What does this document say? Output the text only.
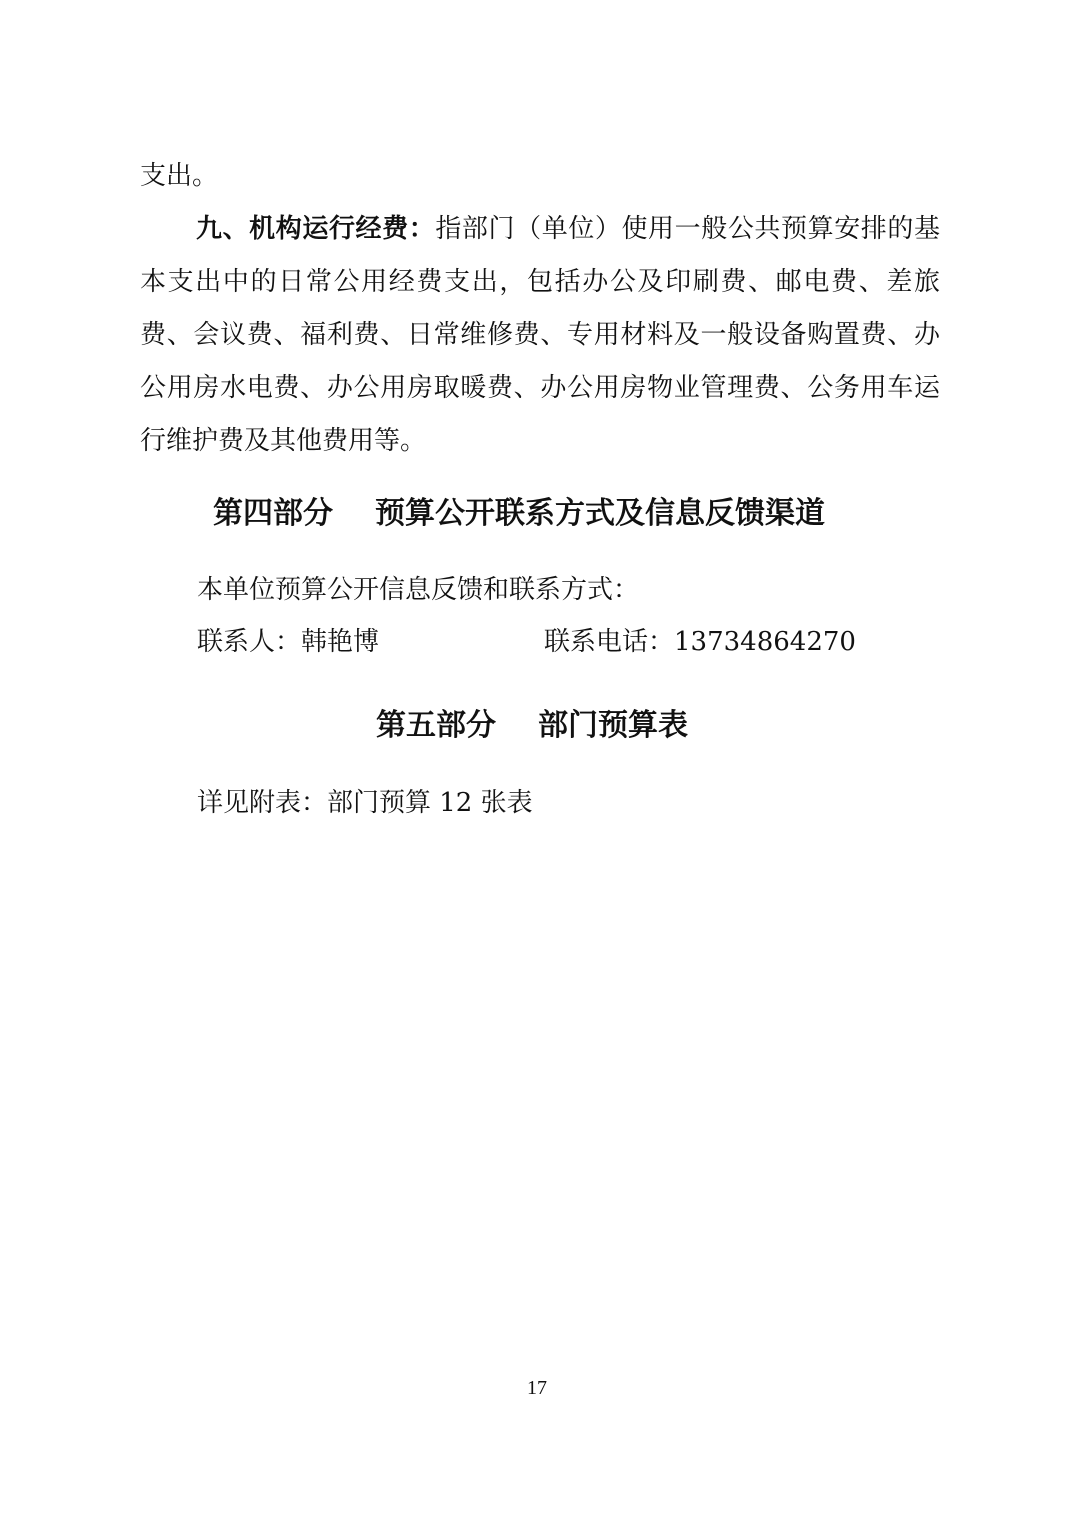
支出。
九、机构运行经费：指部门（单位）使用一般公共预算安排的基本支出中的日常公用经费支出，包括办公及印刷费、邮电费、差旅费、会议费、福利费、日常维修费、专用材料及一般设备购置费、办公用房水电费、办公用房取暖费、办公用房物业管理费、公务用车运行维护费及其他费用等。
第四部分 预算公开联系方式及信息反馈渠道
本单位预算公开信息反馈和联系方式：
联系人：韩艳博	联系电话：13734864270
第五部分 部门预算表
详见附表：部门预算 12 张表
17
